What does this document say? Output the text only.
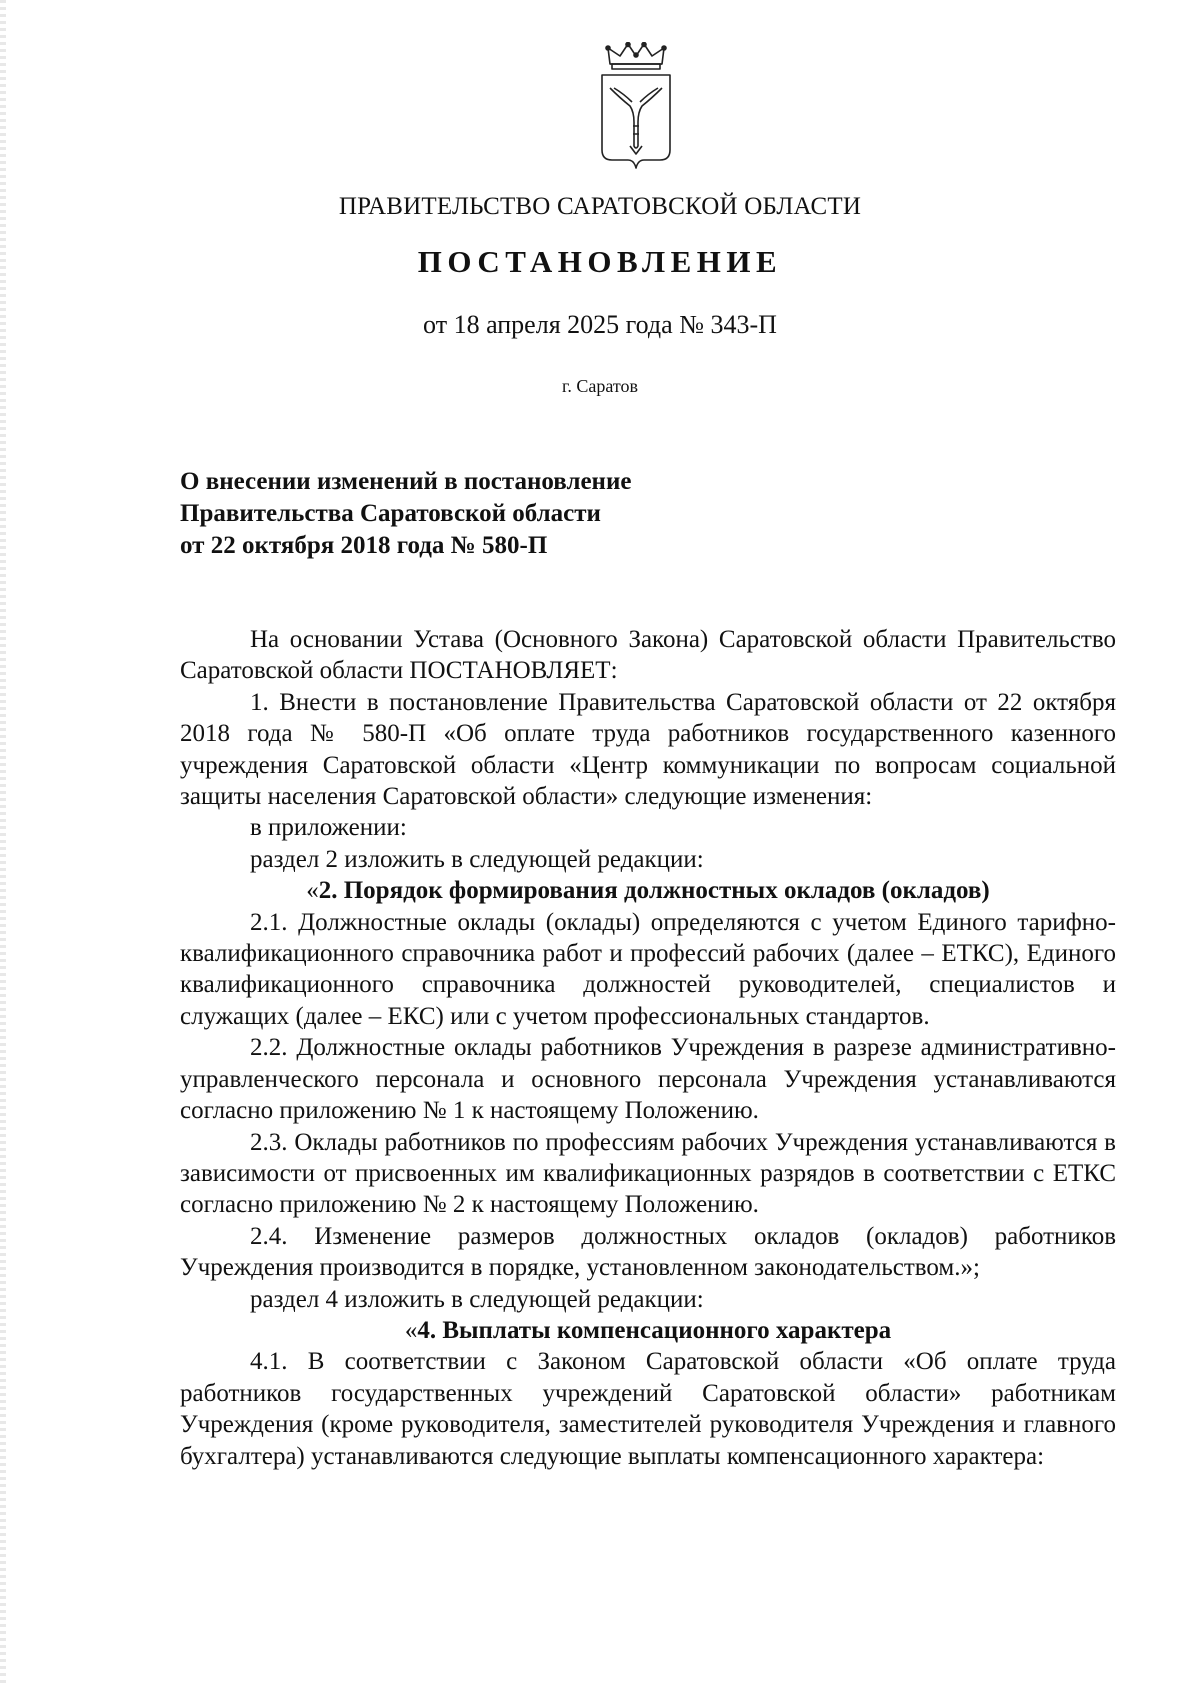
ПРАВИТЕЛЬСТВО САРАТОВСКОЙ ОБЛАСТИ
ПОСТАНОВЛЕНИЕ
от 18 апреля 2025 года № 343-П
г. Саратов
О внесении изменений в постановление
Правительства Саратовской области
от 22 октября 2018 года № 580-П

На основании Устава (Основного Закона) Саратовской области Правительство Саратовской области ПОСТАНОВЛЯЕТ:

1. Внести в постановление Правительства Саратовской области от 22 октября 2018 года № 580-П «Об оплате труда работников государственного казенного учреждения Саратовской области «Центр коммуникации по вопросам социальной защиты населения Саратовской области» следующие изменения:

в приложении:

раздел 2 изложить в следующей редакции:

«2. Порядок формирования должностных окладов (окладов)

2.1. Должностные оклады (оклады) определяются с учетом Единого тарифно-квалификационного справочника работ и профессий рабочих (далее – ЕТКС), Единого квалификационного справочника должностей руководителей, специалистов и служащих (далее – ЕКС) или с учетом профессиональных стандартов.

2.2. Должностные оклады работников Учреждения в разрезе административно-управленческого персонала и основного персонала Учреждения устанавливаются согласно приложению № 1 к настоящему Положению.

2.3. Оклады работников по профессиям рабочих Учреждения устанавливаются в зависимости от присвоенных им квалификационных разрядов в соответствии с ЕТКС согласно приложению № 2 к настоящему Положению.

2.4. Изменение размеров должностных окладов (окладов) работников Учреждения производится в порядке, установленном законодательством.»;

раздел 4 изложить в следующей редакции:

«4. Выплаты компенсационного характера

4.1. В соответствии с Законом Саратовской области «Об оплате труда работников государственных учреждений Саратовской области» работникам Учреждения (кроме руководителя, заместителей руководителя Учреждения и главного бухгалтера) устанавливаются следующие выплаты компенсационного характера:
